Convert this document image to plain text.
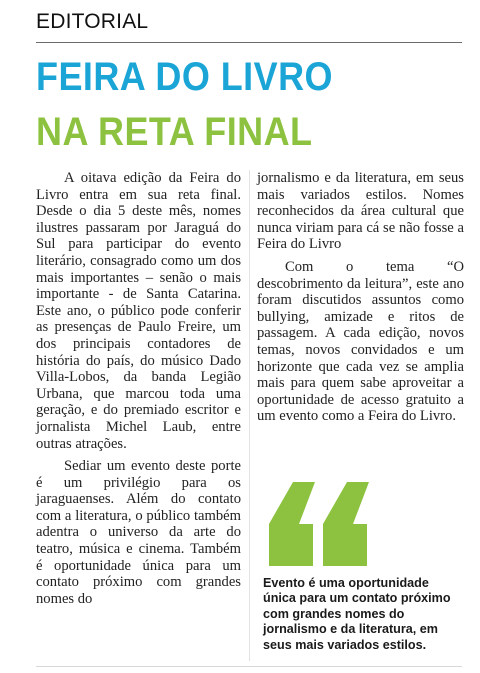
EDITORIAL
FEIRA DO LIVRO
NA RETA FINAL

A oitava edição da Feira do Livro entra em sua reta final. Desde o dia 5 deste mês, nomes ilustres passaram por Jaraguá do Sul para participar do evento literário, consagrado como um dos mais importantes – senão o mais importante - de Santa Catarina. Este ano, o público pode conferir as presenças de Paulo Freire, um dos principais contadores de história do país, do músico Dado Villa-Lobos, da banda Legião Urbana, que marcou toda uma geração, e do premiado escritor e jornalista Michel Laub, entre outras atrações.

Sediar um evento deste porte é um privilégio para os jaraguaenses. Além do contato com a literatura, o público também adentra o universo da arte do teatro, música e cinema. Também é oportunidade única para um contato próximo com grandes nomes do

jornalismo e da literatura, em seus mais variados estilos. Nomes reconhecidos da área cultural que nunca viriam para cá se não fosse a Feira do Livro

Com o tema “O descobrimento da leitura”, este ano foram discutidos assuntos como bullying, amizade e ritos de passagem. A cada edição, novos temas, novos convidados e um horizonte que cada vez se amplia mais para quem sabe aproveitar a oportunidade de acesso gratuito a um evento como a Feira do Livro.

Evento é uma oportunidade
única para um contato próximo
com grandes nomes do
jornalismo e da literatura, em
seus mais variados estilos.
